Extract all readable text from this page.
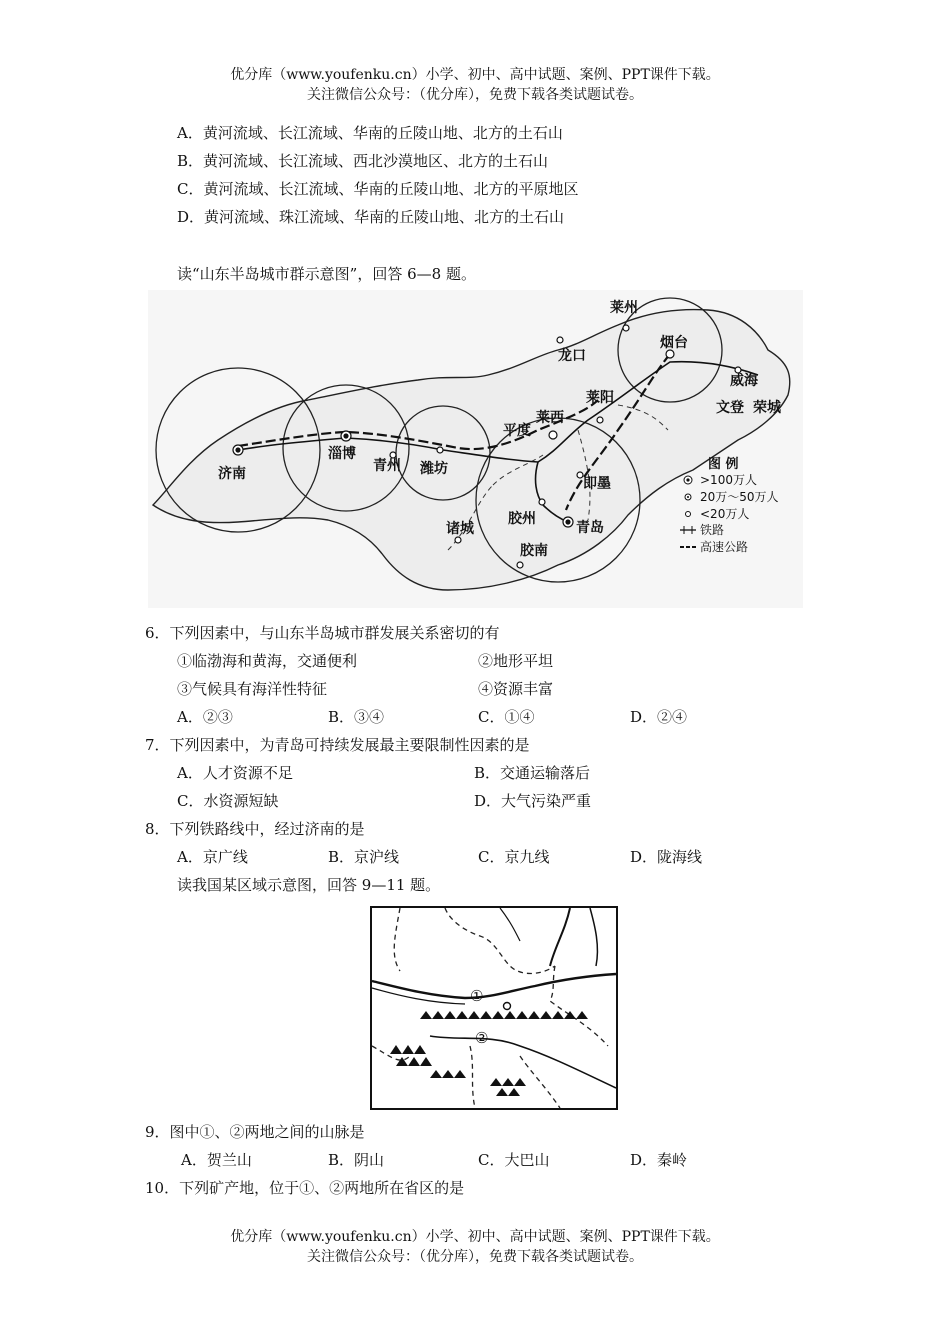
优分库（www.youfenku.cn）小学、初中、高中试题、案例、PPT课件下载。
关注微信公众号：（优分库），免费下载各类试题试卷。
A．黄河流域、长江流域、华南的丘陵山地、北方的土石山
B．黄河流域、长江流域、西北沙漠地区、北方的土石山
C．黄河流域、长江流域、华南的丘陵山地、北方的平原地区
D．黄河流域、珠江流域、华南的丘陵山地、北方的土石山
读“山东半岛城市群示意图”，回答 6—8 题。
济南
淄博
青州 潍坊
诸城
胶州
青岛
胶南
即墨
平度
莱西
莱阳
龙口
莱州
烟台
威海
文登 荣城
图 例
>100万人
20万～50万人
<20万人
铁路
高速公路
6．下列因素中，与山东半岛城市群发展关系密切的有
①临渤海和黄海，交通便利	②地形平坦
③气候具有海洋性特征	④资源丰富
A．②③	B．③④	C．①④	D．②④
7．下列因素中，为青岛可持续发展最主要限制性因素的是
A．人才资源不足	B．交通运输落后
C．水资源短缺	D．大气污染严重
8．下列铁路线中，经过济南的是
A．京广线	B．京沪线	C．京九线	D．陇海线
读我国某区域示意图，回答 9—11 题。
①
②
9．图中①、②两地之间的山脉是
A．贺兰山	B．阴山	C．大巴山	D．秦岭
10．下列矿产地，位于①、②两地所在省区的是
优分库（www.youfenku.cn）小学、初中、高中试题、案例、PPT课件下载。
关注微信公众号：（优分库），免费下载各类试题试卷。
